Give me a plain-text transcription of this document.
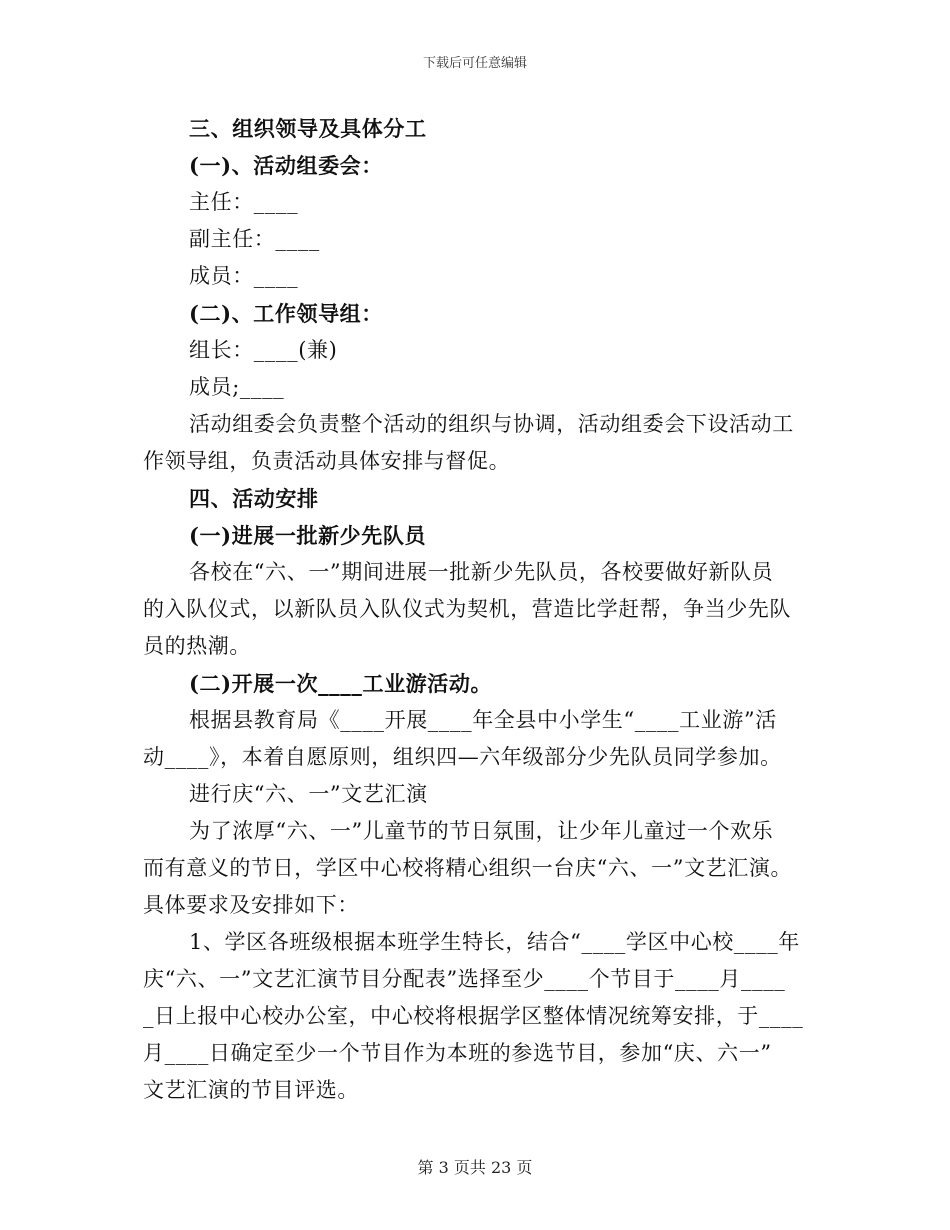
下载后可任意编辑
三、组织领导及具体分工
(一)、活动组委会：
主任：____
副主任：____
成员：____
(二)、工作领导组：
组长：____(兼)
成员;____
活动组委会负责整个活动的组织与协调，活动组委会下设活动工
作领导组，负责活动具体安排与督促。
四、活动安排
(一)进展一批新少先队员
各校在“六、一”期间进展一批新少先队员，各校要做好新队员
的入队仪式，以新队员入队仪式为契机，营造比学赶帮，争当少先队
员的热潮。
(二)开展一次____工业游活动。
根据县教育局《____开展____年全县中小学生“____工业游”活
动____》，本着自愿原则，组织四—六年级部分少先队员同学参加。
进行庆“六、一”文艺汇演
为了浓厚“六、一”儿童节的节日氛围，让少年儿童过一个欢乐
而有意义的节日，学区中心校将精心组织一台庆“六、一”文艺汇演。
具体要求及安排如下：
1、学区各班级根据本班学生特长，结合“____学区中心校____年
庆“六、一”文艺汇演节目分配表”选择至少____个节目于____月____
_日上报中心校办公室，中心校将根据学区整体情况统筹安排，于____
月____日确定至少一个节目作为本班的参选节目，参加“庆、六一”
文艺汇演的节目评选。
第 3 页共 23 页
